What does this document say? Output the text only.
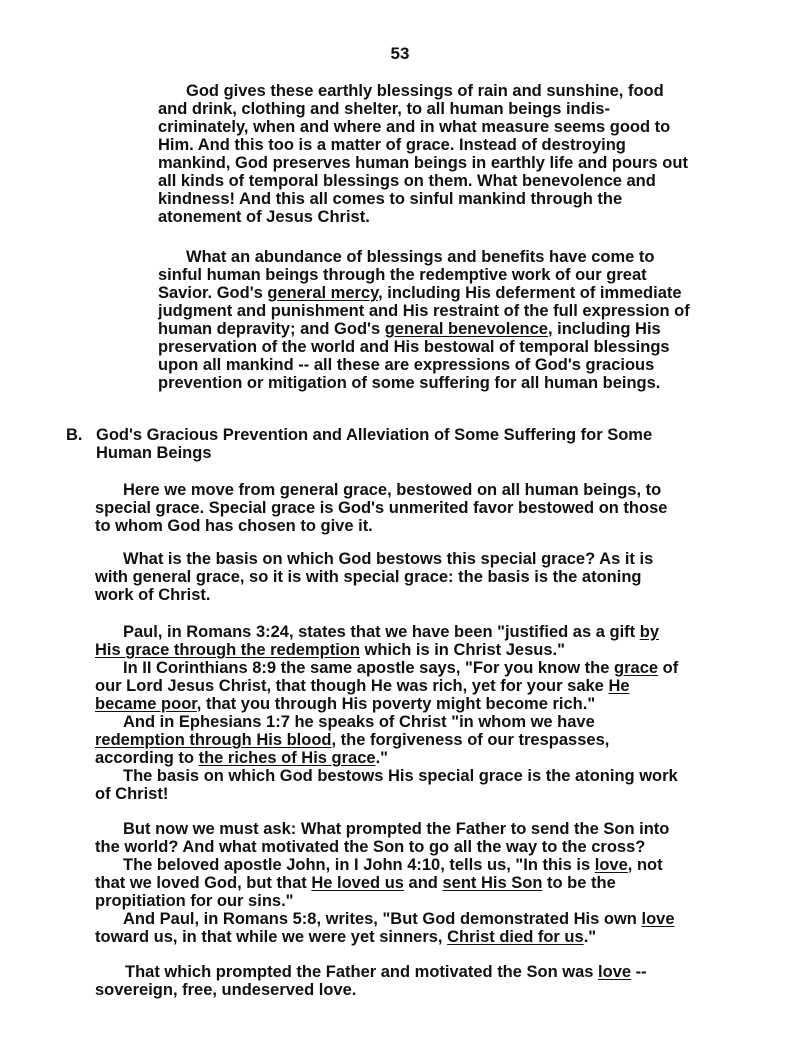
53
God gives these earthly blessings of rain and sunshine, food
and drink, clothing and shelter, to all human beings indis-
criminately, when and where and in what measure seems good to
Him. And this too is a matter of grace. Instead of destroying
mankind, God preserves human beings in earthly life and pours out
all kinds of temporal blessings on them. What benevolence and
kindness! And this all comes to sinful mankind through the
atonement of Jesus Christ.
What an abundance of blessings and benefits have come to
sinful human beings through the redemptive work of our great
Savior. God's general mercy, including His deferment of immediate
judgment and punishment and His restraint of the full expression of
human depravity; and God's general benevolence, including His
preservation of the world and His bestowal of temporal blessings
upon all mankind -- all these are expressions of God's gracious
prevention or mitigation of some suffering for all human beings.
B. God's Gracious Prevention and Alleviation of Some Suffering for Some
Human Beings
Here we move from general grace, bestowed on all human beings, to
special grace. Special grace is God's unmerited favor bestowed on those
to whom God has chosen to give it.
What is the basis on which God bestows this special grace? As it is
with general grace, so it is with special grace: the basis is the atoning
work of Christ.
Paul, in Romans 3:24, states that we have been "justified as a gift by
His grace through the redemption which is in Christ Jesus."
In II Corinthians 8:9 the same apostle says, "For you know the grace of
our Lord Jesus Christ, that though He was rich, yet for your sake He
became poor, that you through His poverty might become rich."
And in Ephesians 1:7 he speaks of Christ "in whom we have
redemption through His blood, the forgiveness of our trespasses,
according to the riches of His grace."
The basis on which God bestows His special grace is the atoning work
of Christ!
But now we must ask: What prompted the Father to send the Son into
the world? And what motivated the Son to go all the way to the cross?
The beloved apostle John, in I John 4:10, tells us, "In this is love, not
that we loved God, but that He loved us and sent His Son to be the
propitiation for our sins."
And Paul, in Romans 5:8, writes, "But God demonstrated His own love
toward us, in that while we were yet sinners, Christ died for us."
That which prompted the Father and motivated the Son was love --
sovereign, free, undeserved love.
